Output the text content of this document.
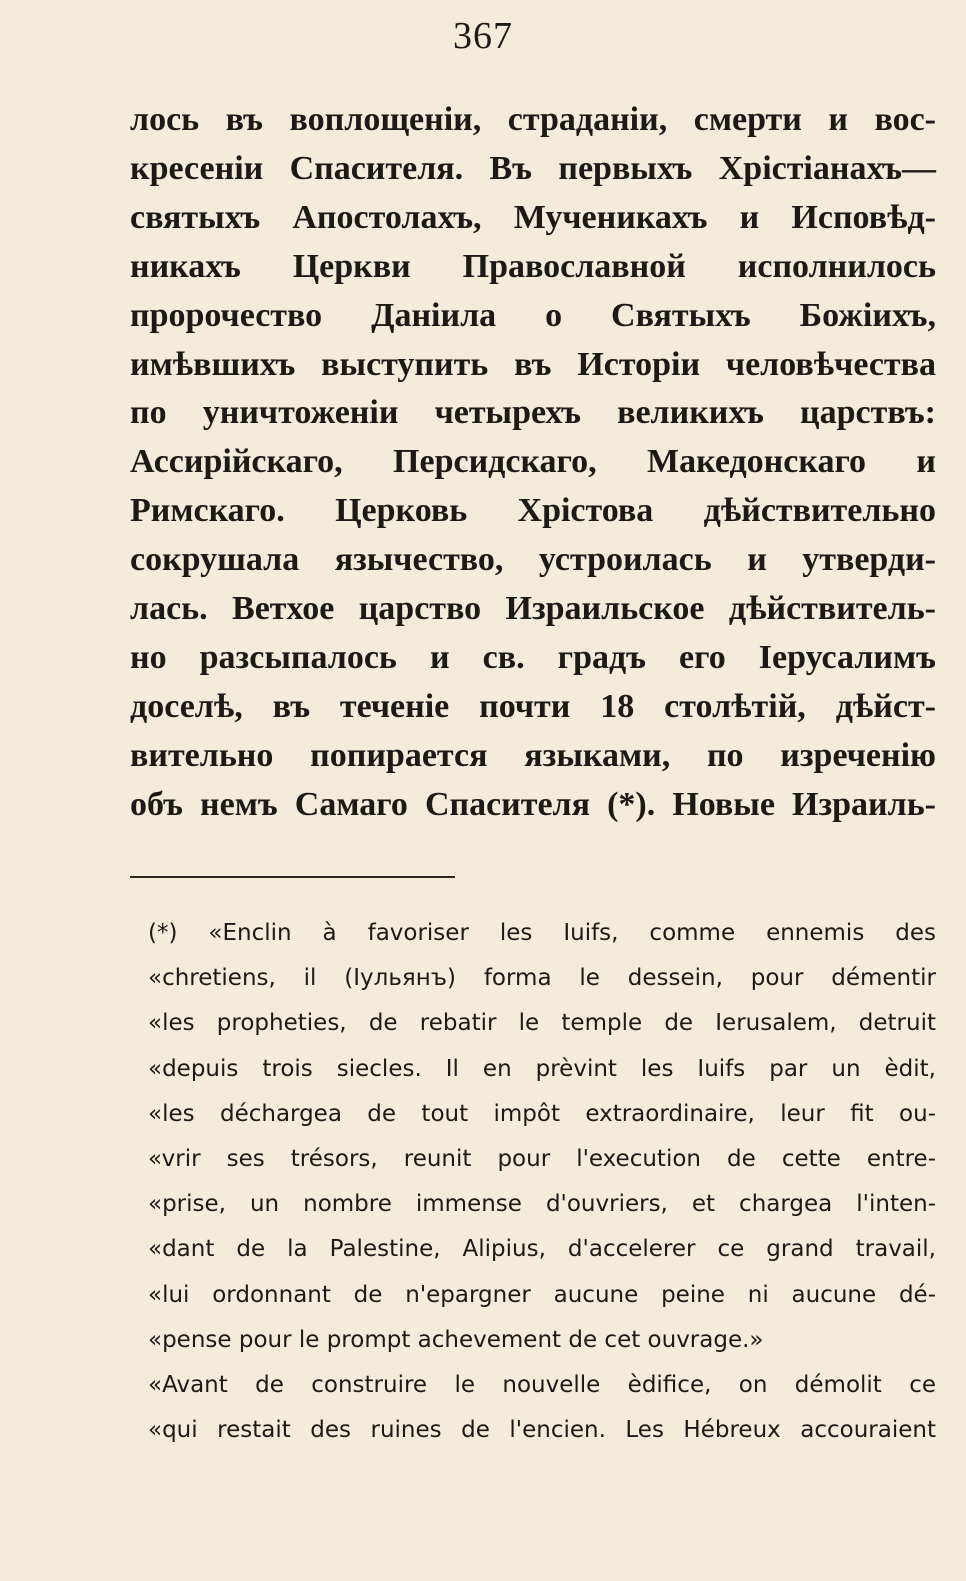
367
лось въ воплощеніи, страданіи, смерти и вос-
кресеніи Спасителя. Въ первыхъ Хрістіанахъ—
святыхъ Апостолахъ, Мученикахъ и Исповѣд-
никахъ Церкви Православной исполнилось
пророчество Даніила о Святыхъ Божіихъ,
имѣвшихъ выступить въ Исторіи человѣчества
по уничтоженіи четырехъ великихъ царствъ:
Ассирійскаго, Персидскаго, Македонскаго и
Римскаго. Церковь Хрістова дѣйствительно
сокрушала язычество, устроилась и утверди-
лась. Ветхое царство Израильское дѣйствитель-
но разсыпалось и св. градъ его Іерусалимъ
доселѣ, въ теченіе почти 18 столѣтій, дѣйст-
вительно попирается языками, по изреченію
объ немъ Самаго Спасителя (*). Новые Израиль-
(*) «Enclin à favoriser les Iuifs, comme ennemis des
«chretiens, il (Іульянъ) forma le dessein, pour démentir
«les propheties, de rebatir le temple de Ierusalem, detruit
«depuis trois siecles. Il en prèvint les Iuifs par un èdit,
«les déchargea de tout impôt extraordinaire, leur fit ou-
«vrir ses trésors, reunit pour l'execution de cette entre-
«prise, un nombre immense d'ouvriers, et chargea l'inten-
«dant de la Palestine, Alipius, d'accelerer ce grand travail,
«lui ordonnant de n'epargner aucune peine ni aucune dé-
«pense pour le prompt achevement de cet ouvrage.»
«Avant de construire le nouvelle èdifice, on démolit ce
«qui restait des ruines de l'encien. Les Hébreux accouraient
